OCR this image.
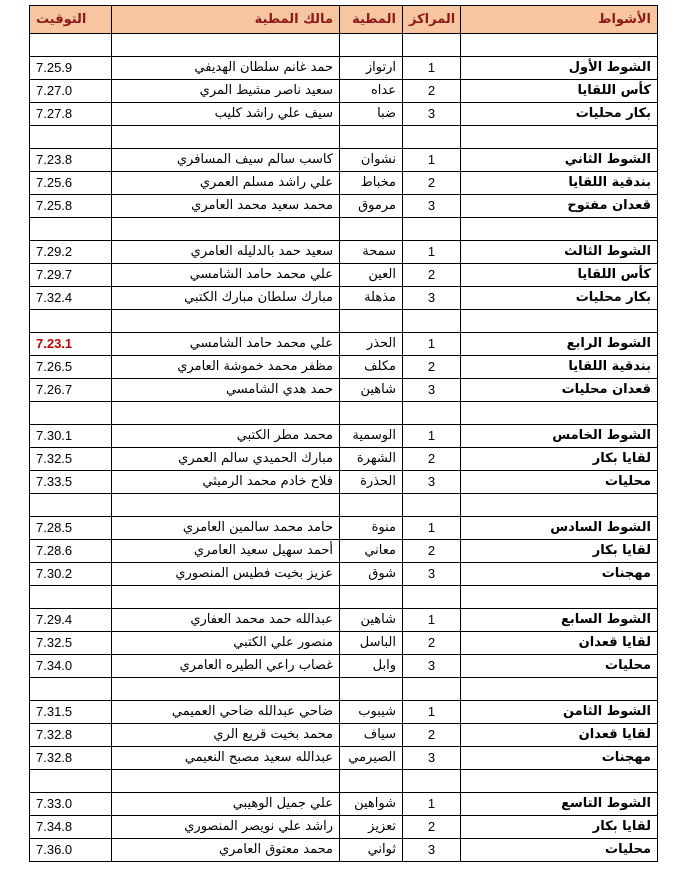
التوقيت	مالك المطية	المطية	المراكز	الأشواط

7.25.9	حمد غانم سلطان الهديفي	ارتواز	1	الشوط الأول
7.27.0	سعيد ناصر مشيط المري	عداه	2	كأس اللقايا
7.27.8	سيف علي راشد كليب	ضبا	3	بكار محليات

7.23.8	كاسب سالم سيف المسافري	نشوان	1	الشوط الثاني
7.25.6	علي راشد مسلم العمري	مخباط	2	بندقية اللقايا
7.25.8	محمد سعيد محمد العامري	مرموق	3	قعدان مفتوح

7.29.2	سعيد حمد بالدليله العامري	سمحة	1	الشوط الثالث
7.29.7	علي محمد حامد الشامسي	العين	2	كأس اللقايا
7.32.4	مبارك سلطان مبارك الكتبي	مذهلة	3	بكار محليات

7.23.1	علي محمد حامد الشامسي	الحذر	1	الشوط الرابع
7.26.5	مظفر محمد خموشة العامري	مكلف	2	بندقية اللقايا
7.26.7	حمد هدي الشامسي	شاهين	3	قعدان محليات

7.30.1	محمد مطر الكتبي	الوسمية	1	الشوط الخامس
7.32.5	مبارك الحميدي سالم العمري	الشهرة	2	لقايا بكار
7.33.5	فلاح خادم محمد الرميثي	الحذرة	3	محليات

7.28.5	حامد محمد سالمين العامري	منوة	1	الشوط السادس
7.28.6	أحمد سهيل سعيد العامري	معاني	2	لقايا بكار
7.30.2	عزيز بخيت فطيس المنصوري	شوق	3	مهجنات

7.29.4	عبدالله حمد محمد العفاري	شاهين	1	الشوط السابع
7.32.5	منصور علي الكتبي	الباسل	2	لقايا قعدان
7.34.0	غصاب راعي الطيره العامري	وابل	3	محليات

7.31.5	ضاحي عبدالله ضاحي العميمي	شيبوب	1	الشوط الثامن
7.32.8	محمد بخيت قريع الري	سياف	2	لقايا قعدان
7.32.8	عبدالله سعيد مصبح النعيمي	الصيرمي	3	مهجنات

7.33.0	علي جميل الوهيبي	شواهين	1	الشوط التاسع
7.34.8	راشد علي نويصر المنصوري	تعزيز	2	لقايا بكار
7.36.0	محمد معتوق العامري	ثواني	3	محليات
